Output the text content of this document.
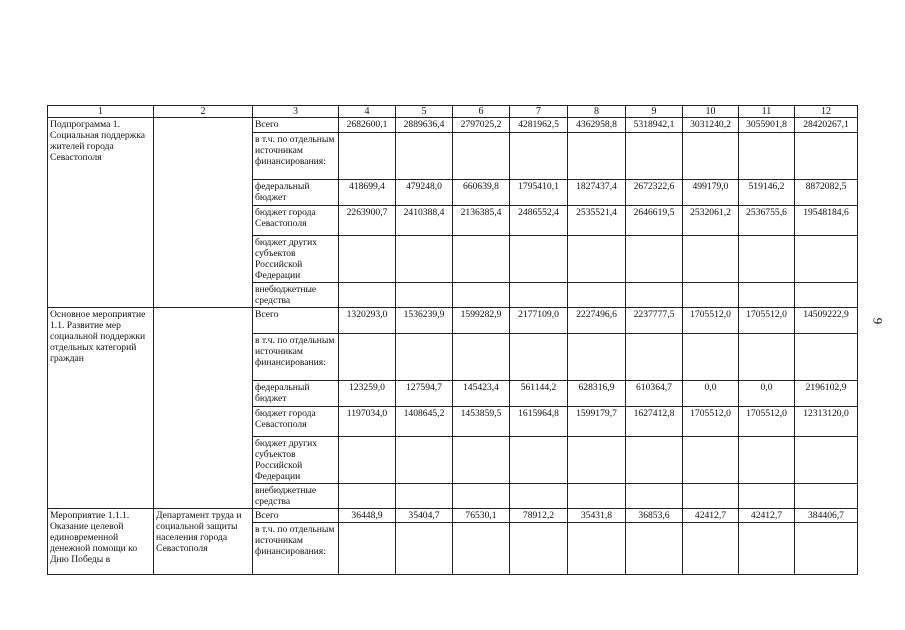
1	2	3	4	5	6	7	8	9	10	11	12
Подпрограмма 1. Социальная поддержка жителей города Севастополя		Всего	2682600,1	2889636,4	2797025,2	4281962,5	4362958,8	5318942,1	3031240,2	3055901,8	28420267,1
		в т.ч. по отдельным источникам финансирования:									
		федеральный бюджет	418699,4	479248,0	660639,8	1795410,1	1827437,4	2672322,6	499179,0	519146,2	8872082,5
		бюджет города Севастополя	2263900,7	2410388,4	2136385,4	2486552,4	2535521,4	2646619,5	2532061,2	2536755,6	19548184,6
		бюджет других субъектов Российской Федерации									
		внебюджетные средства									
Основное мероприятие 1.1. Развитие мер социальной поддержки отдельных категорий граждан		Всего	1320293,0	1536239,9	1599282,9	2177109,0	2227496,6	2237777,5	1705512,0	1705512,0	14509222,9
		в т.ч. по отдельным источникам финансирования:									
		федеральный бюджет	123259,0	127594,7	145423,4	561144,2	628316,9	610364,7	0,0	0,0	2196102,9
		бюджет города Севастополя	1197034,0	1408645,2	1453859,5	1615964,8	1599179,7	1627412,8	1705512,0	1705512,0	12313120,0
		бюджет других субъектов Российской Федерации									
		внебюджетные средства									
Мероприятие 1.1.1. Оказание целевой единовременной денежной помощи ко Дню Победы в	Департамент труда и социальной защиты населения города Севастополя	Всего	36448,9	35404,7	76530,1	78912,2	35431,8	36853,6	42412,7	42412,7	384406,7
		в т.ч. по отдельным источникам финансирования:									
9
